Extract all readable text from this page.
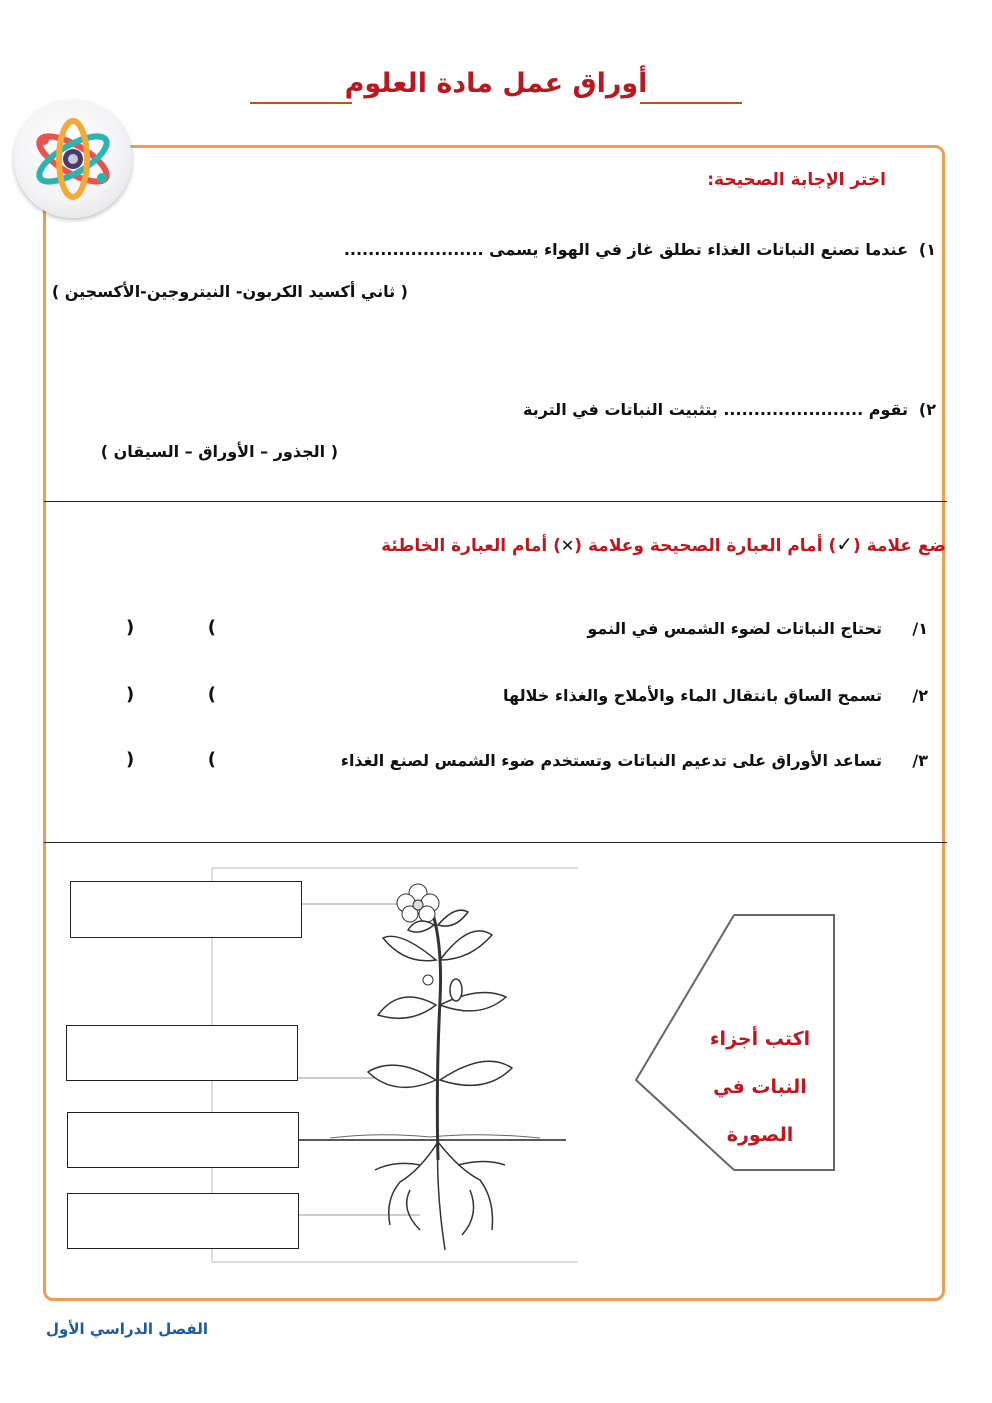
أوراق عمل مادة العلوم
اختر الإجابة الصحيحة:
١)
عندما تصنع النباتات الغذاء تطلق غاز في الهواء يسمى .......................
( ثاني أكسيد الكربون- النيتروجين-الأكسجين )
٢)
تقوم ....................... بتثبيت النباتات في التربة
( الجذور – الأوراق – السيقان )
ضع علامة (✓) أمام العبارة الصحيحة وعلامة (✕) أمام العبارة الخاطئة
١/
تحتاج النباتات لضوء الشمس في النمو
)	(
٢/
تسمح الساق بانتقال الماء والأملاح والغذاء خلالها
)	(
٣/
تساعد الأوراق على تدعيم النباتات وتستخدم ضوء الشمس لصنع الغذاء
)	(
اكتب أجزاء
النبات في
الصورة
الفصل الدراسي الأول
